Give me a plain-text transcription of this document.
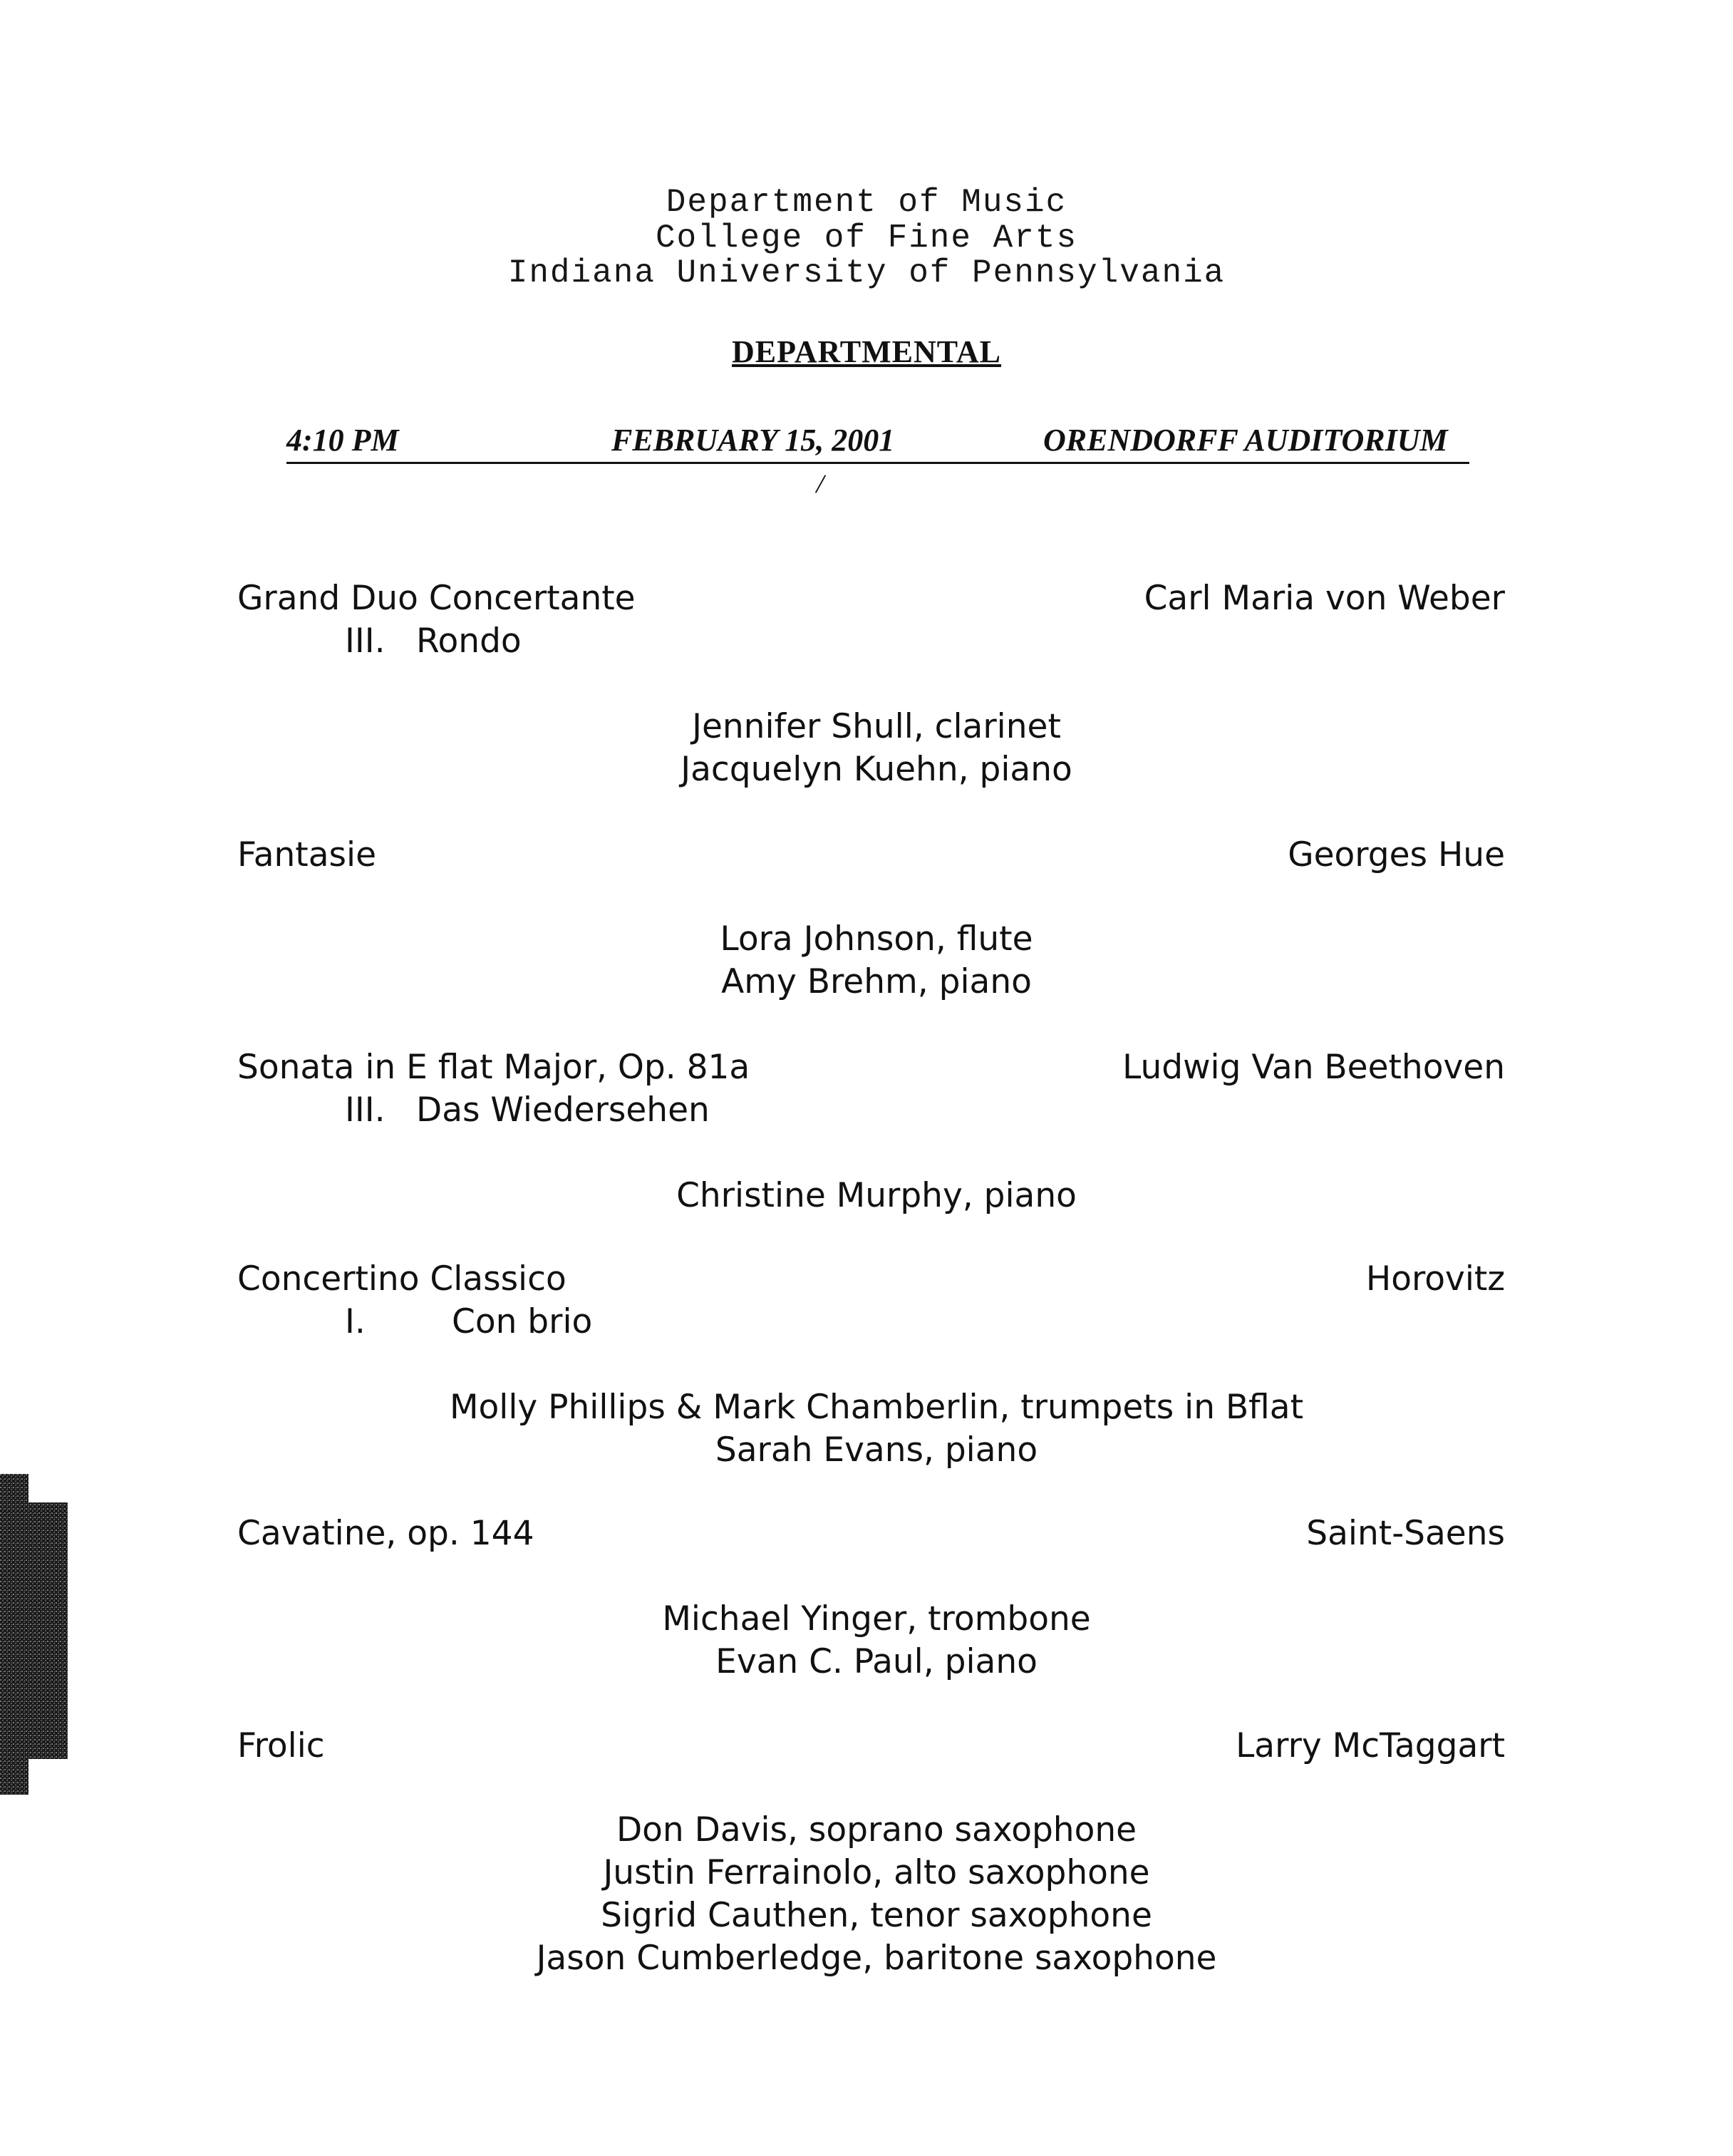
Department of Music
College of Fine Arts
Indiana University of Pennsylvania
DEPARTMENTAL
4:10 PM	FEBRUARY 15, 2001	ORENDORFF AUDITORIUM
/
Grand Duo Concertante
III. Rondo
Carl Maria von Weber
Jennifer Shull, clarinet
Jacquelyn Kuehn, piano
Fantasie	Georges Hue
Lora Johnson, flute
Amy Brehm, piano
Sonata in E flat Major, Op. 81a
III. Das Wiedersehen
Ludwig Van Beethoven
Christine Murphy, piano
Concertino Classico
I.	Con brio
Horovitz
Molly Phillips & Mark Chamberlin, trumpets in Bflat
Sarah Evans, piano
Cavatine, op. 144	Saint-Saens
Michael Yinger, trombone
Evan C. Paul, piano
Frolic	Larry McTaggart
Don Davis, soprano saxophone
Justin Ferrainolo, alto saxophone
Sigrid Cauthen, tenor saxophone
Jason Cumberledge, baritone saxophone
